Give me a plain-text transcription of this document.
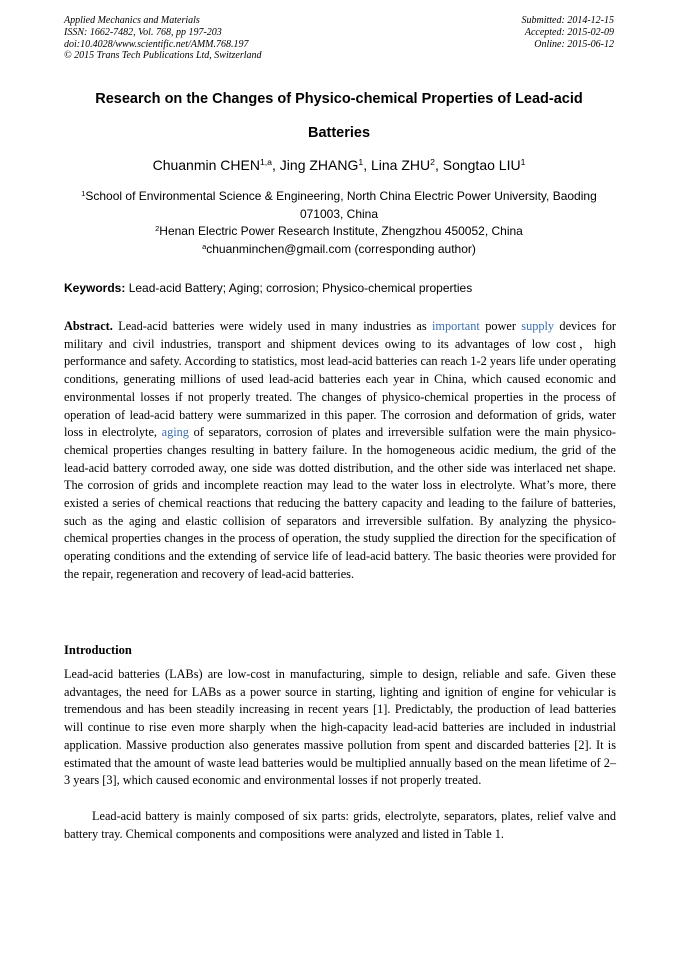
Applied Mechanics and Materials
ISSN: 1662-7482, Vol. 768, pp 197-203
doi:10.4028/www.scientific.net/AMM.768.197
© 2015 Trans Tech Publications Ltd, Switzerland
Submitted: 2014-12-15
Accepted: 2015-02-09
Online: 2015-06-12
Research on the Changes of Physico-chemical Properties of Lead-acid
Batteries
Chuanmin CHEN$^{1,a}$, Jing ZHANG$^1$, Lina ZHU$^2$, Songtao LIU$^1$
$^1$School of Environmental Science & Engineering, North China Electric Power University, Baoding
071003, China
$^2$Henan Electric Power Research Institute, Zhengzhou 450052, China
$^a$chuanminchen@gmail.com (corresponding author)
Keywords: Lead-acid Battery; Aging; corrosion; Physico-chemical properties
Abstract. Lead-acid batteries were widely used in many industries as important power supply devices for military and civil industries, transport and shipment devices owing to its advantages of low cost，high performance and safety. According to statistics, most lead-acid batteries can reach 1-2 years life under operating conditions, generating millions of used lead-acid batteries each year in China, which caused economic and environmental losses if not properly treated. The changes of physico-chemical properties in the process of operation of lead-acid battery were summarized in this paper. The corrosion and deformation of grids, water loss in electrolyte, aging of separators, corrosion of plates and irreversible sulfation were the main physico-chemical properties changes resulting in battery failure. In the homogeneous acidic medium, the grid of the lead-acid battery corroded away, one side was dotted distribution, and the other side was interlaced net shape. The corrosion of grids and incomplete reaction may lead to the water loss in electrolyte. What’s more, there existed a series of chemical reactions that reducing the battery capacity and leading to the failure of batteries, such as the aging and elastic collision of separators and irreversible sulfation. By analyzing the physico-chemical properties changes in the process of operation, the study supplied the direction for the specification of operating conditions and the extending of service life of lead-acid battery. The basic theories were provided for the repair, regeneration and recovery of lead-acid batteries.
Introduction
Lead-acid batteries (LABs) are low-cost in manufacturing, simple to design, reliable and safe. Given these advantages, the need for LABs as a power source in starting, lighting and ignition of engine for vehicular is tremendous and has been steadily increasing in recent years [1]. Predictably, the production of lead batteries will continue to rise even more sharply when the high-capacity lead-acid batteries are included in industrial application. Massive production also generates massive pollution from spent and discarded batteries [2]. It is estimated that the amount of waste lead batteries would be multiplied annually based on the mean lifetime of 2–3 years [3], which caused economic and environmental losses if not properly treated.
Lead-acid battery is mainly composed of six parts: grids, electrolyte, separators, plates, relief valve and battery tray. Chemical components and compositions were analyzed and listed in Table 1.
